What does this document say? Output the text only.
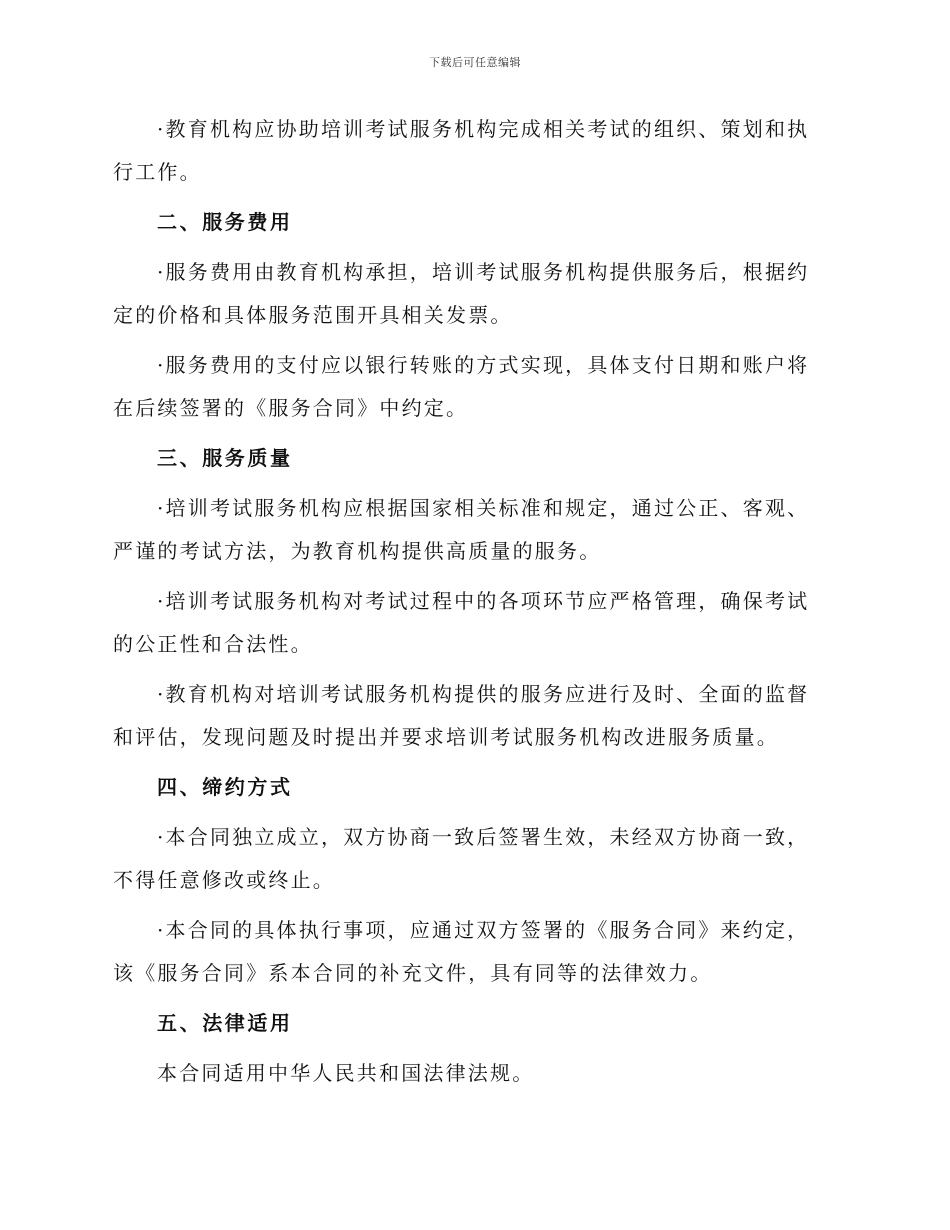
下载后可任意编辑

·教育机构应协助培训考试服务机构完成相关考试的组织、策划和执行工作。

二、服务费用

·服务费用由教育机构承担，培训考试服务机构提供服务后，根据约定的价格和具体服务范围开具相关发票。

·服务费用的支付应以银行转账的方式实现，具体支付日期和账户将在后续签署的《服务合同》中约定。

三、服务质量

·培训考试服务机构应根据国家相关标准和规定，通过公正、客观、严谨的考试方法，为教育机构提供高质量的服务。

·培训考试服务机构对考试过程中的各项环节应严格管理，确保考试的公正性和合法性。

·教育机构对培训考试服务机构提供的服务应进行及时、全面的监督和评估，发现问题及时提出并要求培训考试服务机构改进服务质量。

四、缔约方式

·本合同独立成立，双方协商一致后签署生效，未经双方协商一致，不得任意修改或终止。

·本合同的具体执行事项，应通过双方签署的《服务合同》来约定，该《服务合同》系本合同的补充文件，具有同等的法律效力。

五、法律适用

本合同适用中华人民共和国法律法规。
